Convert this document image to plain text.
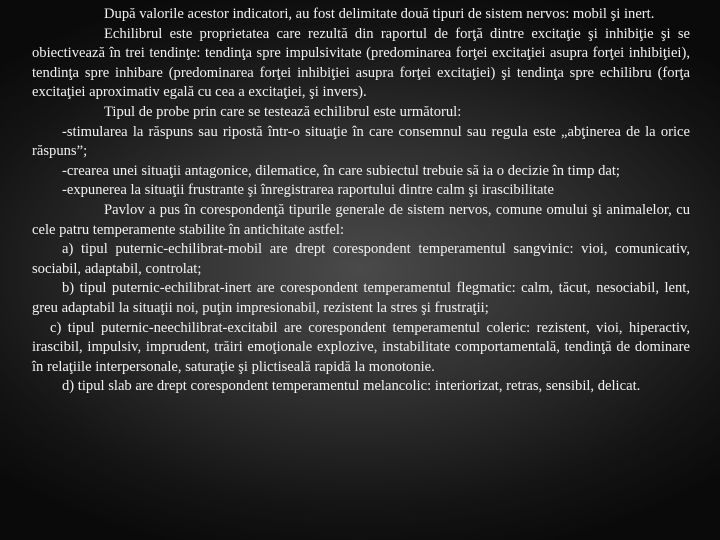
După valorile acestor indicatori, au fost delimitate două tipuri de sistem nervos: mobil şi inert.

Echilibrul este proprietatea care rezultă din raportul de forţă dintre excitaţie şi inhibiţie şi se obiectivează în trei tendinţe: tendinţa spre impulsivitate (predominarea forţei excitaţiei asupra forţei inhibiţiei), tendinţa spre inhibare (predominarea forţei inhibiţiei asupra forţei excitaţiei) şi tendinţa spre echilibru (forţa excitaţiei aproximativ egală cu cea a excitaţiei, şi invers).

Tipul de probe prin care se testează echilibrul este următorul:

-stimularea la răspuns sau ripostă într-o situaţie în care consemnul sau regula este „abţinerea de la orice răspuns”;

-crearea unei situaţii antagonice, dilematice, în care subiectul trebuie să ia o decizie în timp dat;

-expunerea la situaţii frustrante şi înregistrarea raportului dintre calm şi irascibilitate

Pavlov a pus în corespondenţă tipurile generale de sistem nervos, comune omului şi animalelor, cu cele patru temperamente stabilite în antichitate astfel:

a) tipul puternic-echilibrat-mobil are drept corespondent temperamentul sangvinic: vioi, comunicativ, sociabil, adaptabil, controlat;

b) tipul puternic-echilibrat-inert are corespondent temperamentul flegmatic: calm, tăcut, nesociabil, lent, greu adaptabil la situaţii noi, puţin impresionabil, rezistent la stres şi frustraţii;

c) tipul puternic-neechilibrat-excitabil are corespondent temperamentul coleric: rezistent, vioi, hiperactiv, irascibil, impulsiv, imprudent, trăiri emoţionale explozive, instabilitate comportamentală, tendinţă de dominare în relaţiile interpersonale, saturaţie şi plictiseală rapidă la monotonie.

d) tipul slab are drept corespondent temperamentul melancolic: interiorizat, retras, sensibil, delicat.
